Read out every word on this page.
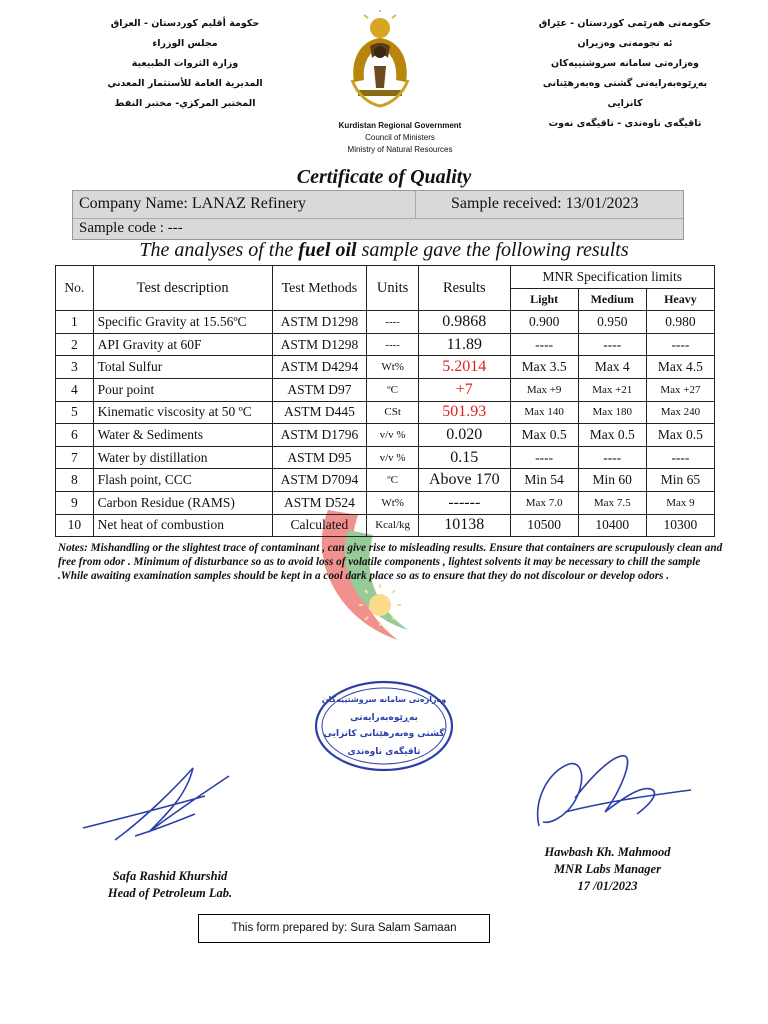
حكومة أقليم كوردستان - العراق
مجلس الوزراء
وزارة الثروات الطبيعية
المديرية العامة للأستثمار المعدني
المختبر المركزي- مختبر النفط
Kurdistan Regional Government
Council of Ministers
Ministry of Natural Resources
حكومەتی هەرێمی کوردستان - عێراق
ئە نجومەنی وەزیران
وەزارەتی سامانە سروشتییەکان
بەڕێوەبەرایەتی گشتی وەبەرهێنانی کانزایی
تاقیگەی ناوەندی - تاقیگەی نەوت
Certificate of Quality
Company Name: LANAZ Refinery	Sample received: 13/01/2023
Sample code : ---
The analyses of the fuel oil sample gave the following results
No.	Test description	Test Methods	Units	Results	MNR Specification limits		
					Light	Medium	Heavy
1	Specific Gravity at 15.56ºC	ASTM D1298	----	0.9868	0.900	0.950	0.980
2	API Gravity at 60F	ASTM D1298	----	11.89	----	----	----
3	Total Sulfur	ASTM D4294	Wt%	5.2014	Max 3.5	Max 4	Max 4.5
4	Pour point	ASTM D97	ºC	+7	Max +9	Max +21	Max +27
5	Kinematic viscosity at 50 ºC	ASTM D445	CSt	501.93	Max 140	Max 180	Max 240
6	Water & Sediments	ASTM D1796	v/v %	0.020	Max 0.5	Max 0.5	Max 0.5
7	Water by distillation	ASTM D95	v/v %	0.15	----	----	----
8	Flash point, CCC	ASTM D7094	ºC	Above 170	Min 54	Min 60	Min 65
9	Carbon Residue (RAMS)	ASTM D524	Wt%	------	Max 7.0	Max 7.5	Max 9
10	Net heat of combustion	Calculated	Kcal/kg	10138	10500	10400	10300
Notes: Mishandling or the slightest trace of contaminant , can give rise to misleading results. Ensure that containers are scrupulously clean and free from odor . Minimum of disturbance so as to avoid loss of volatile components , lightest solvents it may be necessary to chill the sample .While awaiting examination samples should be kept in a cool dark place so as to ensure that they do not discolour or develop odors .
وەزارەتی سامانە سروشتییەکان
بەڕێوەبەرایەتی
گشتی وەبەرهێنانی کانزایی
تاقیگەی ناوەندی
Safa Rashid Khurshid
Head of Petroleum Lab.
Hawbash Kh. Mahmood
MNR Labs Manager
17 /01/2023
This form prepared by: Sura Salam Samaan
